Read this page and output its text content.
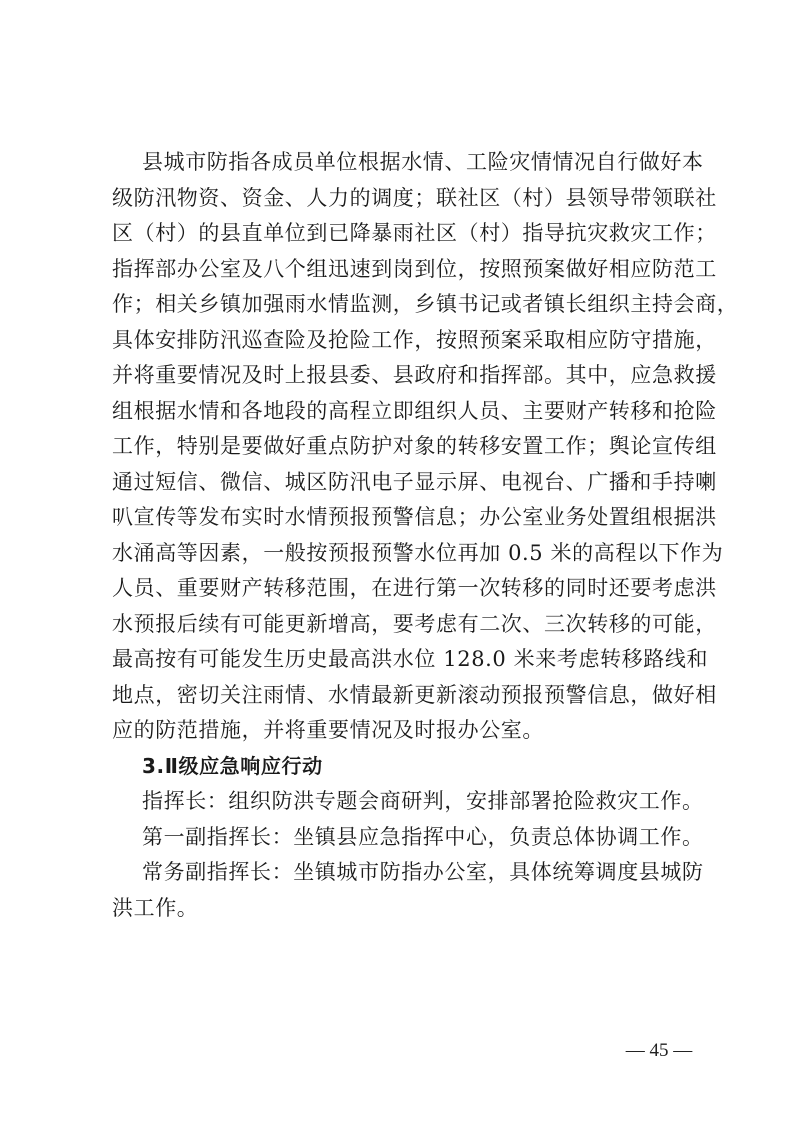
县城市防指各成员单位根据水情、工险灾情情况自行做好本
级防汛物资、资金、人力的调度；联社区（村）县领导带领联社
区（村）的县直单位到已降暴雨社区（村）指导抗灾救灾工作；
指挥部办公室及八个组迅速到岗到位，按照预案做好相应防范工
作；相关乡镇加强雨水情监测，乡镇书记或者镇长组织主持会商，
具体安排防汛巡查险及抢险工作，按照预案采取相应防守措施，
并将重要情况及时上报县委、县政府和指挥部。其中，应急救援
组根据水情和各地段的高程立即组织人员、主要财产转移和抢险
工作，特别是要做好重点防护对象的转移安置工作；舆论宣传组
通过短信、微信、城区防汛电子显示屏、电视台、广播和手持喇
叭宣传等发布实时水情预报预警信息；办公室业务处置组根据洪
水涌高等因素，一般按预报预警水位再加 0.5 米的高程以下作为
人员、重要财产转移范围，在进行第一次转移的同时还要考虑洪
水预报后续有可能更新增高，要考虑有二次、三次转移的可能，
最高按有可能发生历史最高洪水位 128.0 米来考虑转移路线和
地点，密切关注雨情、水情最新更新滚动预报预警信息，做好相
应的防范措施，并将重要情况及时报办公室。
3.Ⅱ级应急响应行动
指挥长：组织防洪专题会商研判，安排部署抢险救灾工作。
第一副指挥长：坐镇县应急指挥中心，负责总体协调工作。
常务副指挥长：坐镇城市防指办公室，具体统筹调度县城防
洪工作。
— 45 —
